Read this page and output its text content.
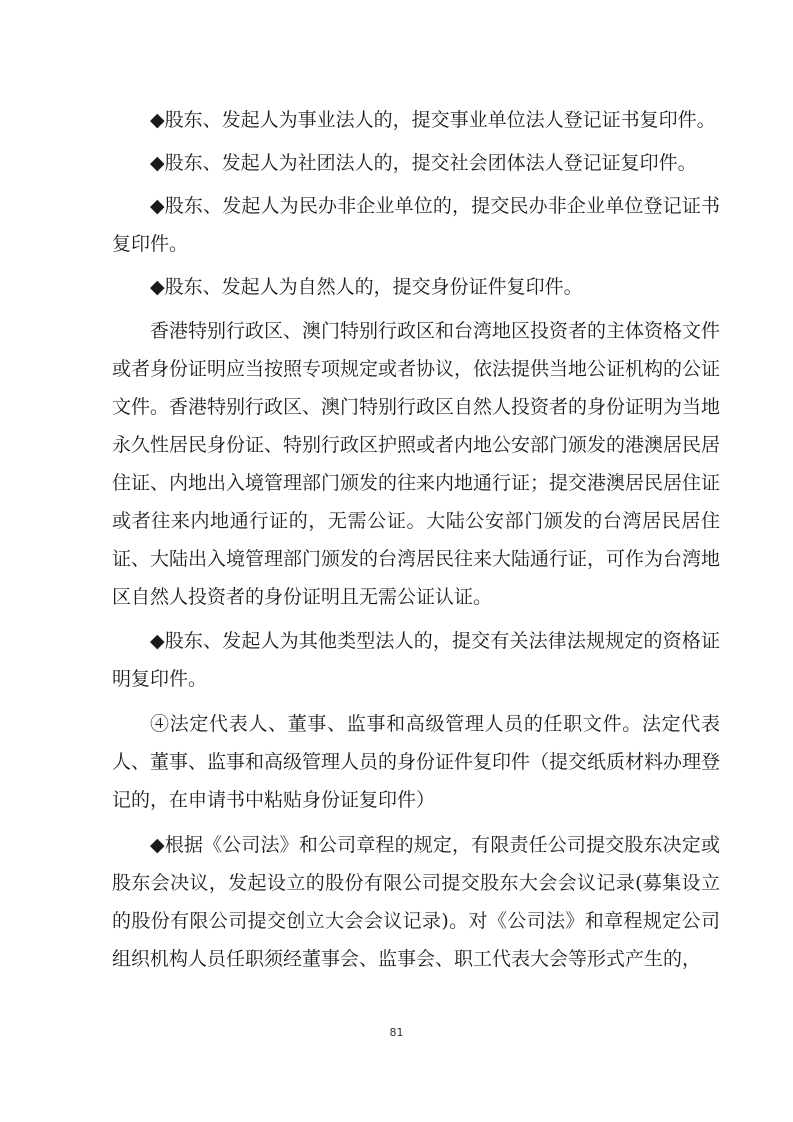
◆股东、发起人为事业法人的，提交事业单位法人登记证书复印件。

◆股东、发起人为社团法人的，提交社会团体法人登记证复印件。

◆股东、发起人为民办非企业单位的，提交民办非企业单位登记证书复印件。

◆股东、发起人为自然人的，提交身份证件复印件。

香港特别行政区、澳门特别行政区和台湾地区投资者的主体资格文件或者身份证明应当按照专项规定或者协议，依法提供当地公证机构的公证文件。香港特别行政区、澳门特别行政区自然人投资者的身份证明为当地永久性居民身份证、特别行政区护照或者内地公安部门颁发的港澳居民居住证、内地出入境管理部门颁发的往来内地通行证；提交港澳居民居住证或者往来内地通行证的，无需公证。大陆公安部门颁发的台湾居民居住证、大陆出入境管理部门颁发的台湾居民往来大陆通行证，可作为台湾地区自然人投资者的身份证明且无需公证认证。

◆股东、发起人为其他类型法人的，提交有关法律法规规定的资格证明复印件。

④法定代表人、董事、监事和高级管理人员的任职文件。法定代表人、董事、监事和高级管理人员的身份证件复印件（提交纸质材料办理登记的，在申请书中粘贴身份证复印件）

◆根据《公司法》和公司章程的规定，有限责任公司提交股东决定或股东会决议，发起设立的股份有限公司提交股东大会会议记录(募集设立的股份有限公司提交创立大会会议记录)。对《公司法》和章程规定公司组织机构人员任职须经董事会、监事会、职工代表大会等形式产生的，

81
